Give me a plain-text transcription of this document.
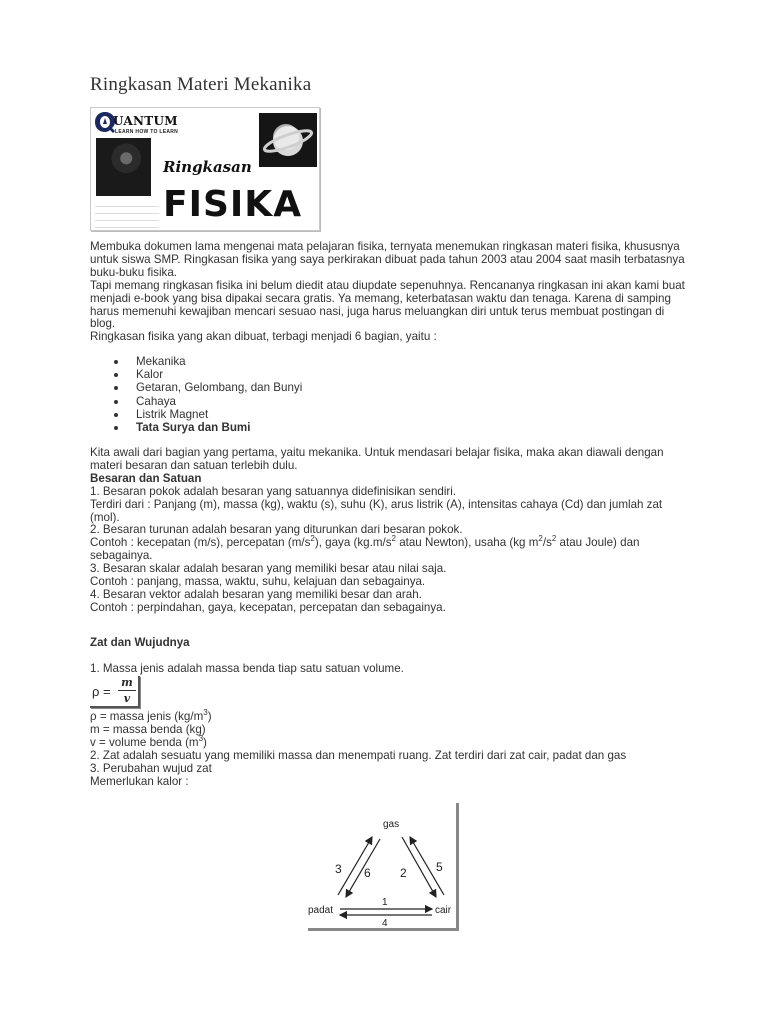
Ringkasan Materi Mekanika
UANTUM
LEARN HOW TO LEARN
Ringkasan
FISIKA

Membuka dokumen lama mengenai mata pelajaran fisika, ternyata menemukan ringkasan materi fisika, khususnya untuk siswa SMP. Ringkasan fisika yang saya perkirakan dibuat pada tahun 2003 atau 2004 saat masih terbatasnya buku-buku fisika.

Tapi memang ringkasan fisika ini belum diedit atau diupdate sepenuhnya. Rencananya ringkasan ini akan kami buat menjadi e-book yang bisa dipakai secara gratis. Ya memang, keterbatasan waktu dan tenaga. Karena di samping harus memenuhi kewajiban mencari sesuao nasi, juga harus meluangkan diri untuk terus membuat postingan di blog.

Ringkasan fisika yang akan dibuat, terbagi menjadi 6 bagian, yaitu :

Mekanika
Kalor
Getaran, Gelombang, dan Bunyi
Cahaya
Listrik Magnet
Tata Surya dan Bumi

Kita awali dari bagian yang pertama, yaitu mekanika. Untuk mendasari belajar fisika, maka akan diawali dengan materi besaran dan satuan terlebih dulu.

Besaran dan Satuan

1. Besaran pokok adalah besaran yang satuannya didefinisikan sendiri.

Terdiri dari : Panjang (m), massa (kg), waktu (s), suhu (K), arus listrik (A), intensitas cahaya (Cd) dan jumlah zat (mol).

2. Besaran turunan adalah besaran yang diturunkan dari besaran pokok.

Contoh : kecepatan (m/s), percepatan $(m/s^2)$, gaya ($kg.m/s^2$ atau Newton), usaha (kg $m^2/s^2$ atau Joule) dan sebagainya.

3. Besaran skalar adalah besaran yang memiliki besar atau nilai saja.

Contoh : panjang, massa, waktu, suhu, kelajuan dan sebagainya.

4. Besaran vektor adalah besaran yang memiliki besar dan arah.

Contoh : perpindahan, gaya, kecepatan, percepatan dan sebagainya.

Zat dan Wujudnya

1. Massa jenis adalah massa benda tiap satu satuan volume.

ρ =
m
v

ρ = massa jenis $(kg/m^3)$

m = massa benda (kg)

v = volume benda $(m^3)$

2. Zat adalah sesuatu yang memiliki massa dan menempati ruang. Zat terdiri dari zat cair, padat dan gas

3. Perubahan wujud zat

Memerlukan kalor :

gas
padat	cair
3 6 2 5
1
4
